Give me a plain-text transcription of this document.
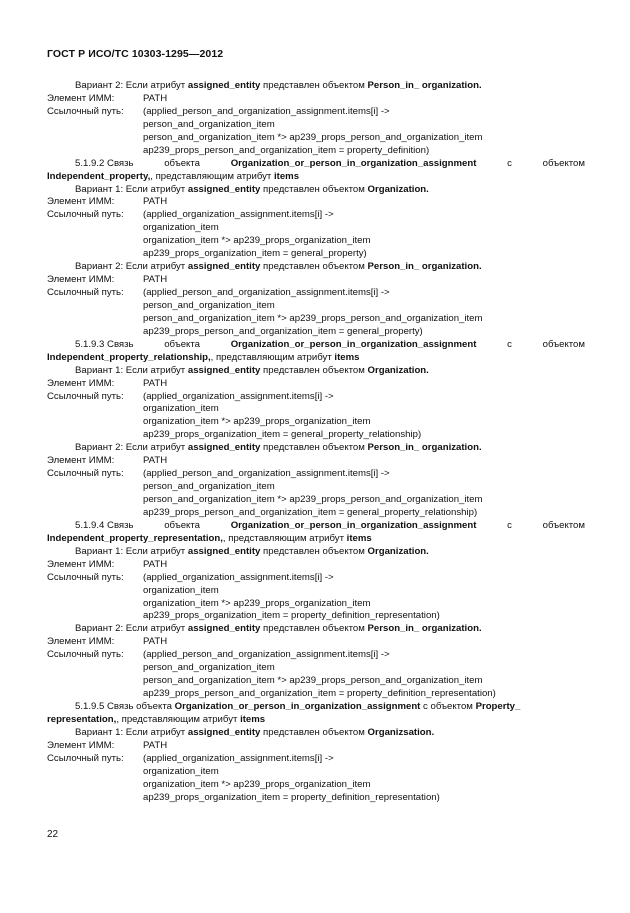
ГОСТ Р ИСО/ТС 10303-1295—2012
Вариант 2: Если атрибут assigned_entity представлен объектом Person_in_ organization.
Элемент ИММ:	PATH
Ссылочный путь: (applied_person_and_organization_assignment.items[i] ->
person_and_organization_item
person_and_organization_item *> ap239_props_person_and_organization_item
ap239_props_person_and_organization_item = property_definition)
5.1.9.2 Связь	объекта	Organization_or_person_in_organization_assignment	с	объектом
Independent_property,, представляющим атрибут items
Вариант 1: Если атрибут assigned_entity представлен объектом Organization.
Элемент ИММ:	PATH
Ссылочный путь: (applied_organization_assignment.items[i] ->
organization_item
organization_item *> ap239_props_organization_item
ap239_props_organization_item = general_property)
Вариант 2: Если атрибут assigned_entity представлен объектом Person_in_ organization.
Элемент ИММ:	PATH
Ссылочный путь: (applied_person_and_organization_assignment.items[i] ->
person_and_organization_item
person_and_organization_item *> ap239_props_person_and_organization_item
ap239_props_person_and_organization_item = general_property)
5.1.9.3 Связь	объекта	Organization_or_person_in_organization_assignment	с	объектом
Independent_property_relationship,, представляющим атрибут items
Вариант 1: Если атрибут assigned_entity представлен объектом Organization.
Элемент ИММ:	PATH
Ссылочный путь: (applied_organization_assignment.items[i] ->
organization_item
organization_item *> ap239_props_organization_item
ap239_props_organization_item = general_property_relationship)
Вариант 2: Если атрибут assigned_entity представлен объектом Person_in_ organization.
Элемент ИММ:	PATH
Ссылочный путь: (applied_person_and_organization_assignment.items[i] ->
person_and_organization_item
person_and_organization_item *> ap239_props_person_and_organization_item
ap239_props_person_and_organization_item = general_property_relationship)
5.1.9.4 Связь	объекта	Organization_or_person_in_organization_assignment	с	объектом
Independent_property_representation,, представляющим атрибут items
Вариант 1: Если атрибут assigned_entity представлен объектом Organization.
Элемент ИММ:	PATH
Ссылочный путь: (applied_organization_assignment.items[i] ->
organization_item
organization_item *> ap239_props_organization_item
ap239_props_organization_item = property_definition_representation)
Вариант 2: Если атрибут assigned_entity представлен объектом Person_in_ organization.
Элемент ИММ:	PATH
Ссылочный путь: (applied_person_and_organization_assignment.items[i] ->
person_and_organization_item
person_and_organization_item *> ap239_props_person_and_organization_item
ap239_props_person_and_organization_item = property_definition_representation)
5.1.9.5 Связь объекта Organization_or_person_in_organization_assignment с объектом Property_
representation,, представляющим атрибут items
Вариант 1: Если атрибут assigned_entity представлен объектом Organizsation.
Элемент ИММ:	PATH
Ссылочный путь: (applied_organization_assignment.items[i] ->
organization_item
organization_item *> ap239_props_organization_item
ap239_props_organization_item = property_definition_representation)
22
